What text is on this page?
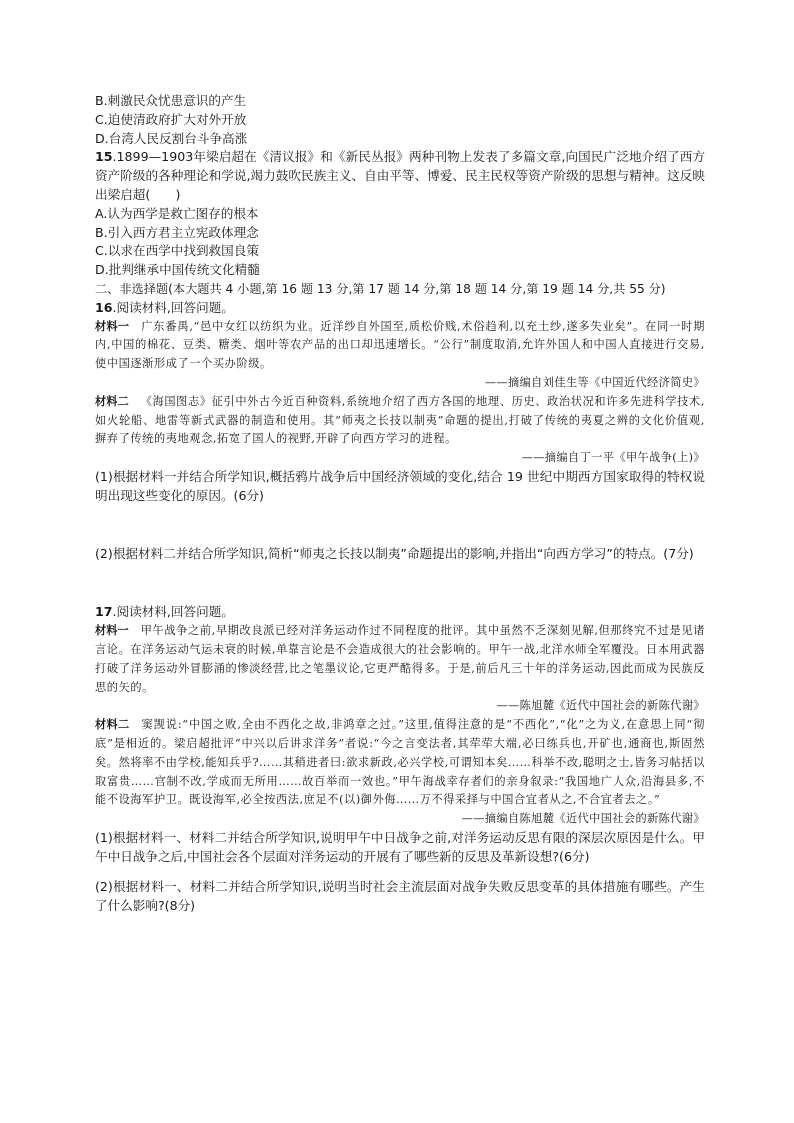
B.刺激民众忧患意识的产生
C.迫使清政府扩大对外开放
D.台湾人民反割台斗争高涨
15.1899—1903年梁启超在《清议报》和《新民丛报》两种刊物上发表了多篇文章,向国民广泛地介绍了西方资产阶级的各种理论和学说,竭力鼓吹民族主义、自由平等、博爱、民主民权等资产阶级的思想与精神。这反映出梁启超(　　)
A.认为西学是救亡图存的根本
B.引入西方君主立宪政体理念
C.以求在西学中找到救国良策
D.批判继承中国传统文化精髓
二、非选择题(本大题共 4 小题,第 16 题 13 分,第 17 题 14 分,第 18 题 14 分,第 19 题 14 分,共 55 分)
16.阅读材料,回答问题。
材料一 广东番禺,“邑中女红以纺织为业。近洋纱自外国至,质松价贱,术俗趋利,以充土纱,遂多失业矣”。在同一时期内,中国的棉花、豆类、糖类、烟叶等农产品的出口却迅速增长。“公行”制度取消,允许外国人和中国人直接进行交易,使中国逐渐形成了一个买办阶级。
——摘编自刘佳生等《中国近代经济简史》
材料二 《海国图志》征引中外古今近百种资料,系统地介绍了西方各国的地理、历史、政治状况和许多先进科学技术,如火轮船、地雷等新式武器的制造和使用。其“师夷之长技以制夷”命题的提出,打破了传统的夷夏之辨的文化价值观,摒弃了传统的夷地观念,拓宽了国人的视野,开辟了向西方学习的进程。
——摘编自丁一平《甲午战争(上)》
(1)根据材料一并结合所学知识,概括鸦片战争后中国经济领域的变化,结合 19 世纪中期西方国家取得的特权说明出现这些变化的原因。(6分)
(2)根据材料二并结合所学知识,简析“师夷之长技以制夷”命题提出的影响,并指出“向西方学习”的特点。(7分)
17.阅读材料,回答问题。
材料一 甲午战争之前,早期改良派已经对洋务运动作过不同程度的批评。其中虽然不乏深刻见解,但那终究不过是见诸言论。在洋务运动气运未衰的时候,单靠言论是不会造成很大的社会影响的。甲午一战,北洋水师全军覆没。日本用武器打破了洋务运动外冒膨涌的惨淡经营,比之笔墨议论,它更严酷得多。于是,前后凡三十年的洋务运动,因此而成为民族反思的矢的。
——陈旭麓《近代中国社会的新陈代谢》
材料二 窦觊说:“中国之败,全由不西化之故,非鸿章之过。”这里,值得注意的是“不西化”,“化”之为义,在意思上同“彻底”是相近的。梁启超批评“中兴以后讲求洋务”者说:“今之言变法者,其荦荦大端,必曰练兵也,开矿也,通商也,斯固然矣。然将率不由学校,能知兵乎?……其稍进者曰:欲求新政,必兴学校,可谓知本矣……科举不改,聪明之士,皆务习帖括以取富贵……官制不改,学成而无所用……故百举而一效也。”甲午海战幸存者们的亲身叙录:“我国地广人众,沿海县多,不能不设海军护卫。既设海军,必全按西法,庶足不(以)御外侮……万不得采择与中国合宜者从之,不合宜者去之。”
——摘编自陈旭麓《近代中国社会的新陈代谢》
(1)根据材料一、材料二并结合所学知识,说明甲午中日战争之前,对洋务运动反思有限的深层次原因是什么。甲午中日战争之后,中国社会各个层面对洋务运动的开展有了哪些新的反思及革新设想?(6分)
(2)根据材料一、材料二并结合所学知识,说明当时社会主流层面对战争失败反思变革的具体措施有哪些。产生了什么影响?(8分)
